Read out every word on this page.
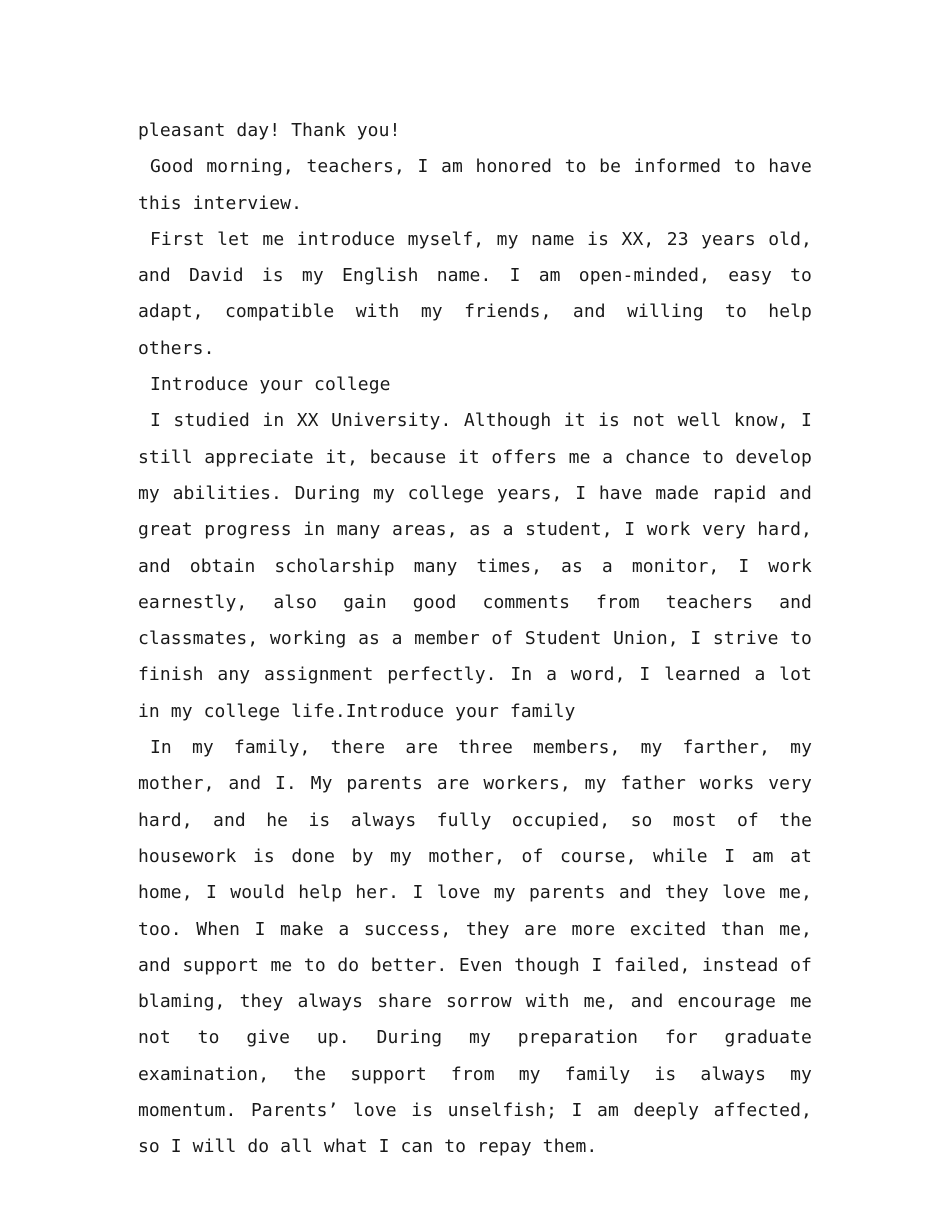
pleasant day! Thank you!

Good morning, teachers, I am honored to be informed to have this interview.

First let me introduce myself, my name is XX, 23 years old, and David is my English name. I am open-minded, easy to adapt, compatible with my friends, and willing to help others.

Introduce your college

I studied in XX University. Although it is not well know, I still appreciate it, because it offers me a chance to develop my abilities. During my college years, I have made rapid and great progress in many areas, as a student, I work very hard, and obtain scholarship many times, as a monitor, I work earnestly, also gain good comments from teachers and classmates, working as a member of Student Union, I strive to finish any assignment perfectly. In a word, I learned a lot in my college life.Introduce your family

In my family, there are three members, my farther, my mother, and I. My parents are workers, my father works very hard, and he is always fully occupied, so most of the housework is done by my mother, of course, while I am at home, I would help her. I love my parents and they love me, too. When I make a success, they are more excited than me, and support me to do better. Even though I failed, instead of blaming, they always share sorrow with me, and encourage me not to give up. During my preparation for graduate examination, the support from my family is always my momentum. Parents’ love is unselfish; I am deeply affected, so I will do all what I can to repay them.
